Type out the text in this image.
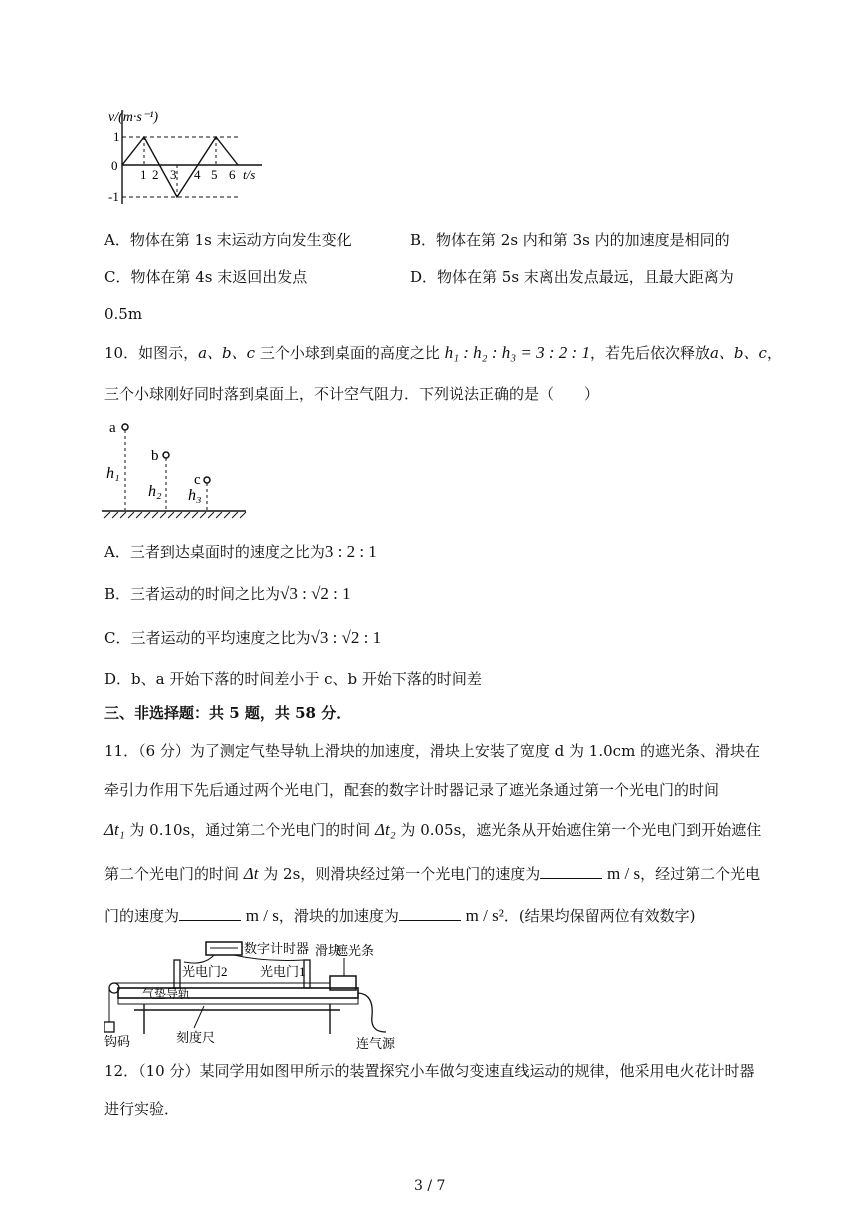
v/(m·s⁻¹)
1
0
-1
1 2 3 4 5 6 t/s
A．物体在第 1s 末运动方向发生变化	B．物体在第 2s 内和第 3s 内的加速度是相同的
C．物体在第 4s 末返回出发点	D．物体在第 5s 末离出发点最远，且最大距离为
0.5m
10．如图示，a、b、c 三个小球到桌面的高度之比 h₁ : h₂ : h₃ = 3 : 2 : 1，若先后依次释放a、b、c，
三个小球刚好同时落到桌面上，不计空气阻力．下列说法正确的是（　　）
a
h₁
b
h₂
c
h₃
A．三者到达桌面时的速度之比为3 : 2 : 1
B．三者运动的时间之比为√3 : √2 : 1
C．三者运动的平均速度之比为√3 : √2 : 1
D．b、a 开始下落的时间差小于 c、b 开始下落的时间差
三、非选择题：共 5 题，共 58 分．
11．（6 分）为了测定气垫导轨上滑块的加速度，滑块上安装了宽度 d 为 1.0cm 的遮光条、滑块在
牵引力作用下先后通过两个光电门，配套的数字计时器记录了遮光条通过第一个光电门的时间
Δt₁ 为 0.10s，通过第二个光电门的时间 Δt₂ 为 0.05s，遮光条从开始遮住第一个光电门到开始遮住
第二个光电门的时间 Δt 为 2s，则滑块经过第一个光电门的速度为	m / s，经过第二个光电
门的速度为	m / s，滑块的加速度为	m / s²．(结果均保留两位有效数字)
数字计时器 滑块
遮光条
光电门2 光电门1
气垫导轨
钩码	刻度尺	连气源
12．（10 分）某同学用如图甲所示的装置探究小车做匀变速直线运动的规律，他采用电火花计时器
进行实验．
3 / 7
